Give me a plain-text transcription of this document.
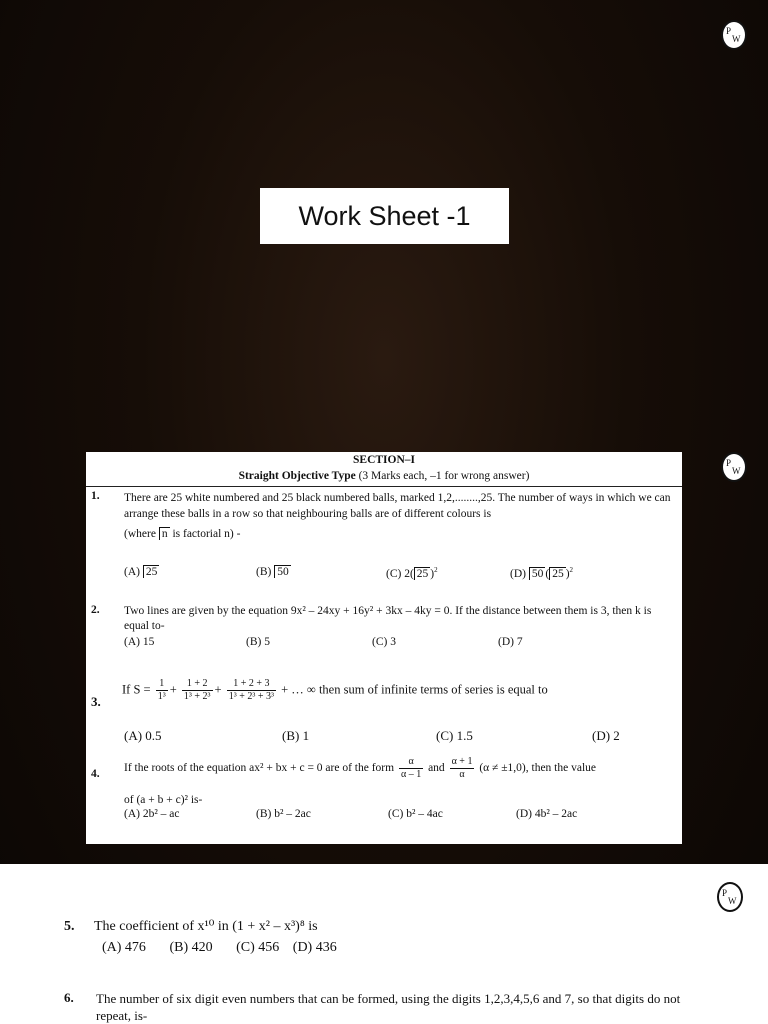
P
W
Work Sheet -1
P
W
SECTION–I
Straight Objective Type (3 Marks each, –1 for wrong answer)
1. There are 25 white numbered and 25 black numbered balls, marked 1,2,........,25. The number of ways in which we can arrange these balls in a row so that neighbouring balls are of different colours is
(where n is factorial n) -
(A) 25	(B) 50	(C) 2( 25 )$^2$	(D) 50 ( 25 )$^2$
2. Two lines are given by the equation 9x² – 24xy + 16y² + 3kx – 4ky = 0. If the distance between them is 3, then k is equal to-
(A) 15	(B) 5	(C) 3	(D) 7
3.
If $S = \frac{1}{\text{1³}} + \frac{1 + 2}{\text{1³ + 2³}} + \frac{1 + 2 + 3}{\text{1³ + 2³ + 3³}}$ + … ∞ then sum of infinite terms of series is equal to
(A) 0.5	(B) 1	(C) 1.5	(D) 2
4. If the roots of the equation ax² + bx + c = 0 are of the form $\frac{\alpha}{\alpha - 1}$ and $\frac{\alpha + 1}{\alpha} (\alpha \ne \pm 1,0)$, then the value
of (a + b + c)² is-
(A) 2b² – ac	(B) b² – 2ac	(C) b² – 4ac	(D) 4b² – 2ac
P
W
5. The coefficient of x¹⁰ in (1 + x² – x³)⁸ is
(A) 476 (B) 420 (C) 456 (D) 436
6. The number of six digit even numbers that can be formed, using the digits 1,2,3,4,5,6 and 7, so that digits do not repeat, is-
